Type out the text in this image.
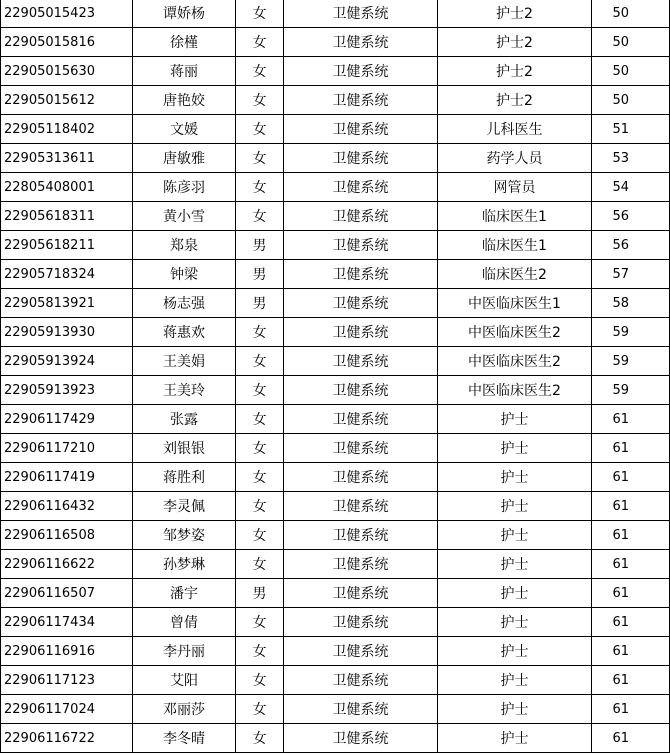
22905015423	谭娇杨	女	卫健系统	护士2	50
22905015816	徐槿	女	卫健系统	护士2	50
22905015630	蒋丽	女	卫健系统	护士2	50
22905015612	唐艳姣	女	卫健系统	护士2	50
22905118402	文媛	女	卫健系统	儿科医生	51
22905313611	唐敏雅	女	卫健系统	药学人员	53
22805408001	陈彦羽	女	卫健系统	网管员	54
22905618311	黄小雪	女	卫健系统	临床医生1	56
22905618211	郑泉	男	卫健系统	临床医生1	56
22905718324	钟梁	男	卫健系统	临床医生2	57
22905813921	杨志强	男	卫健系统	中医临床医生1	58
22905913930	蒋惠欢	女	卫健系统	中医临床医生2	59
22905913924	王美娟	女	卫健系统	中医临床医生2	59
22905913923	王美玲	女	卫健系统	中医临床医生2	59
22906117429	张露	女	卫健系统	护士	61
22906117210	刘银银	女	卫健系统	护士	61
22906117419	蒋胜利	女	卫健系统	护士	61
22906116432	李灵佩	女	卫健系统	护士	61
22906116508	邹梦姿	女	卫健系统	护士	61
22906116622	孙梦琳	女	卫健系统	护士	61
22906116507	潘宇	男	卫健系统	护士	61
22906117434	曾倩	女	卫健系统	护士	61
22906116916	李丹丽	女	卫健系统	护士	61
22906117123	艾阳	女	卫健系统	护士	61
22906117024	邓丽莎	女	卫健系统	护士	61
22906116722	李冬晴	女	卫健系统	护士	61
